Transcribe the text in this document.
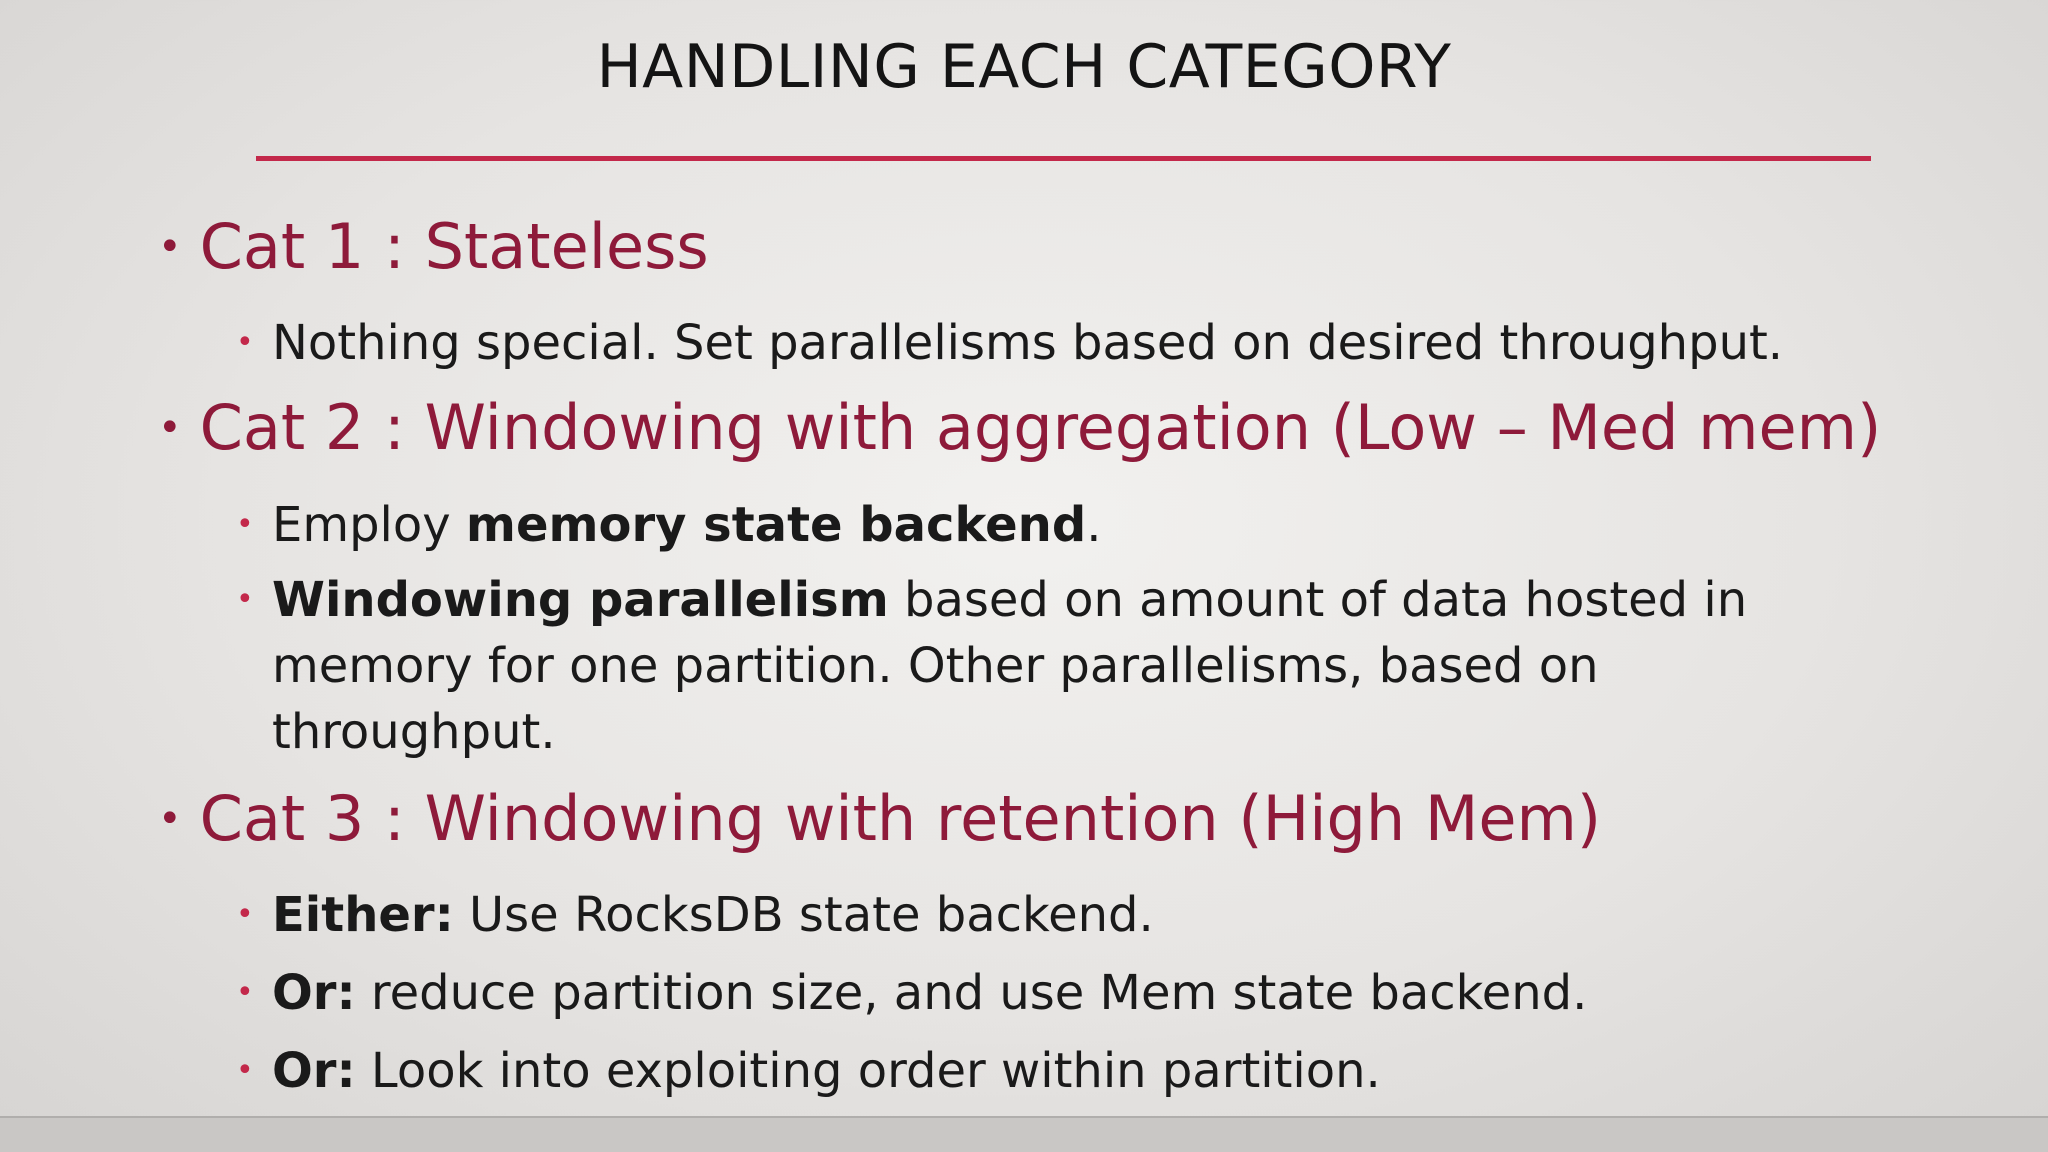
HANDLING EACH CATEGORY
• Cat 1 : Stateless
• Nothing special. Set parallelisms based on desired throughput.
• Cat 2 : Windowing with aggregation (Low – Med mem)
• Employ memory state backend.
• Windowing parallelism based on amount of data hosted in
memory for one partition. Other parallelisms, based on
throughput.
• Cat 3 : Windowing with retention (High Mem)
• Either: Use RocksDB state backend.
• Or: reduce partition size, and use Mem state backend.
• Or: Look into exploiting order within partition.
